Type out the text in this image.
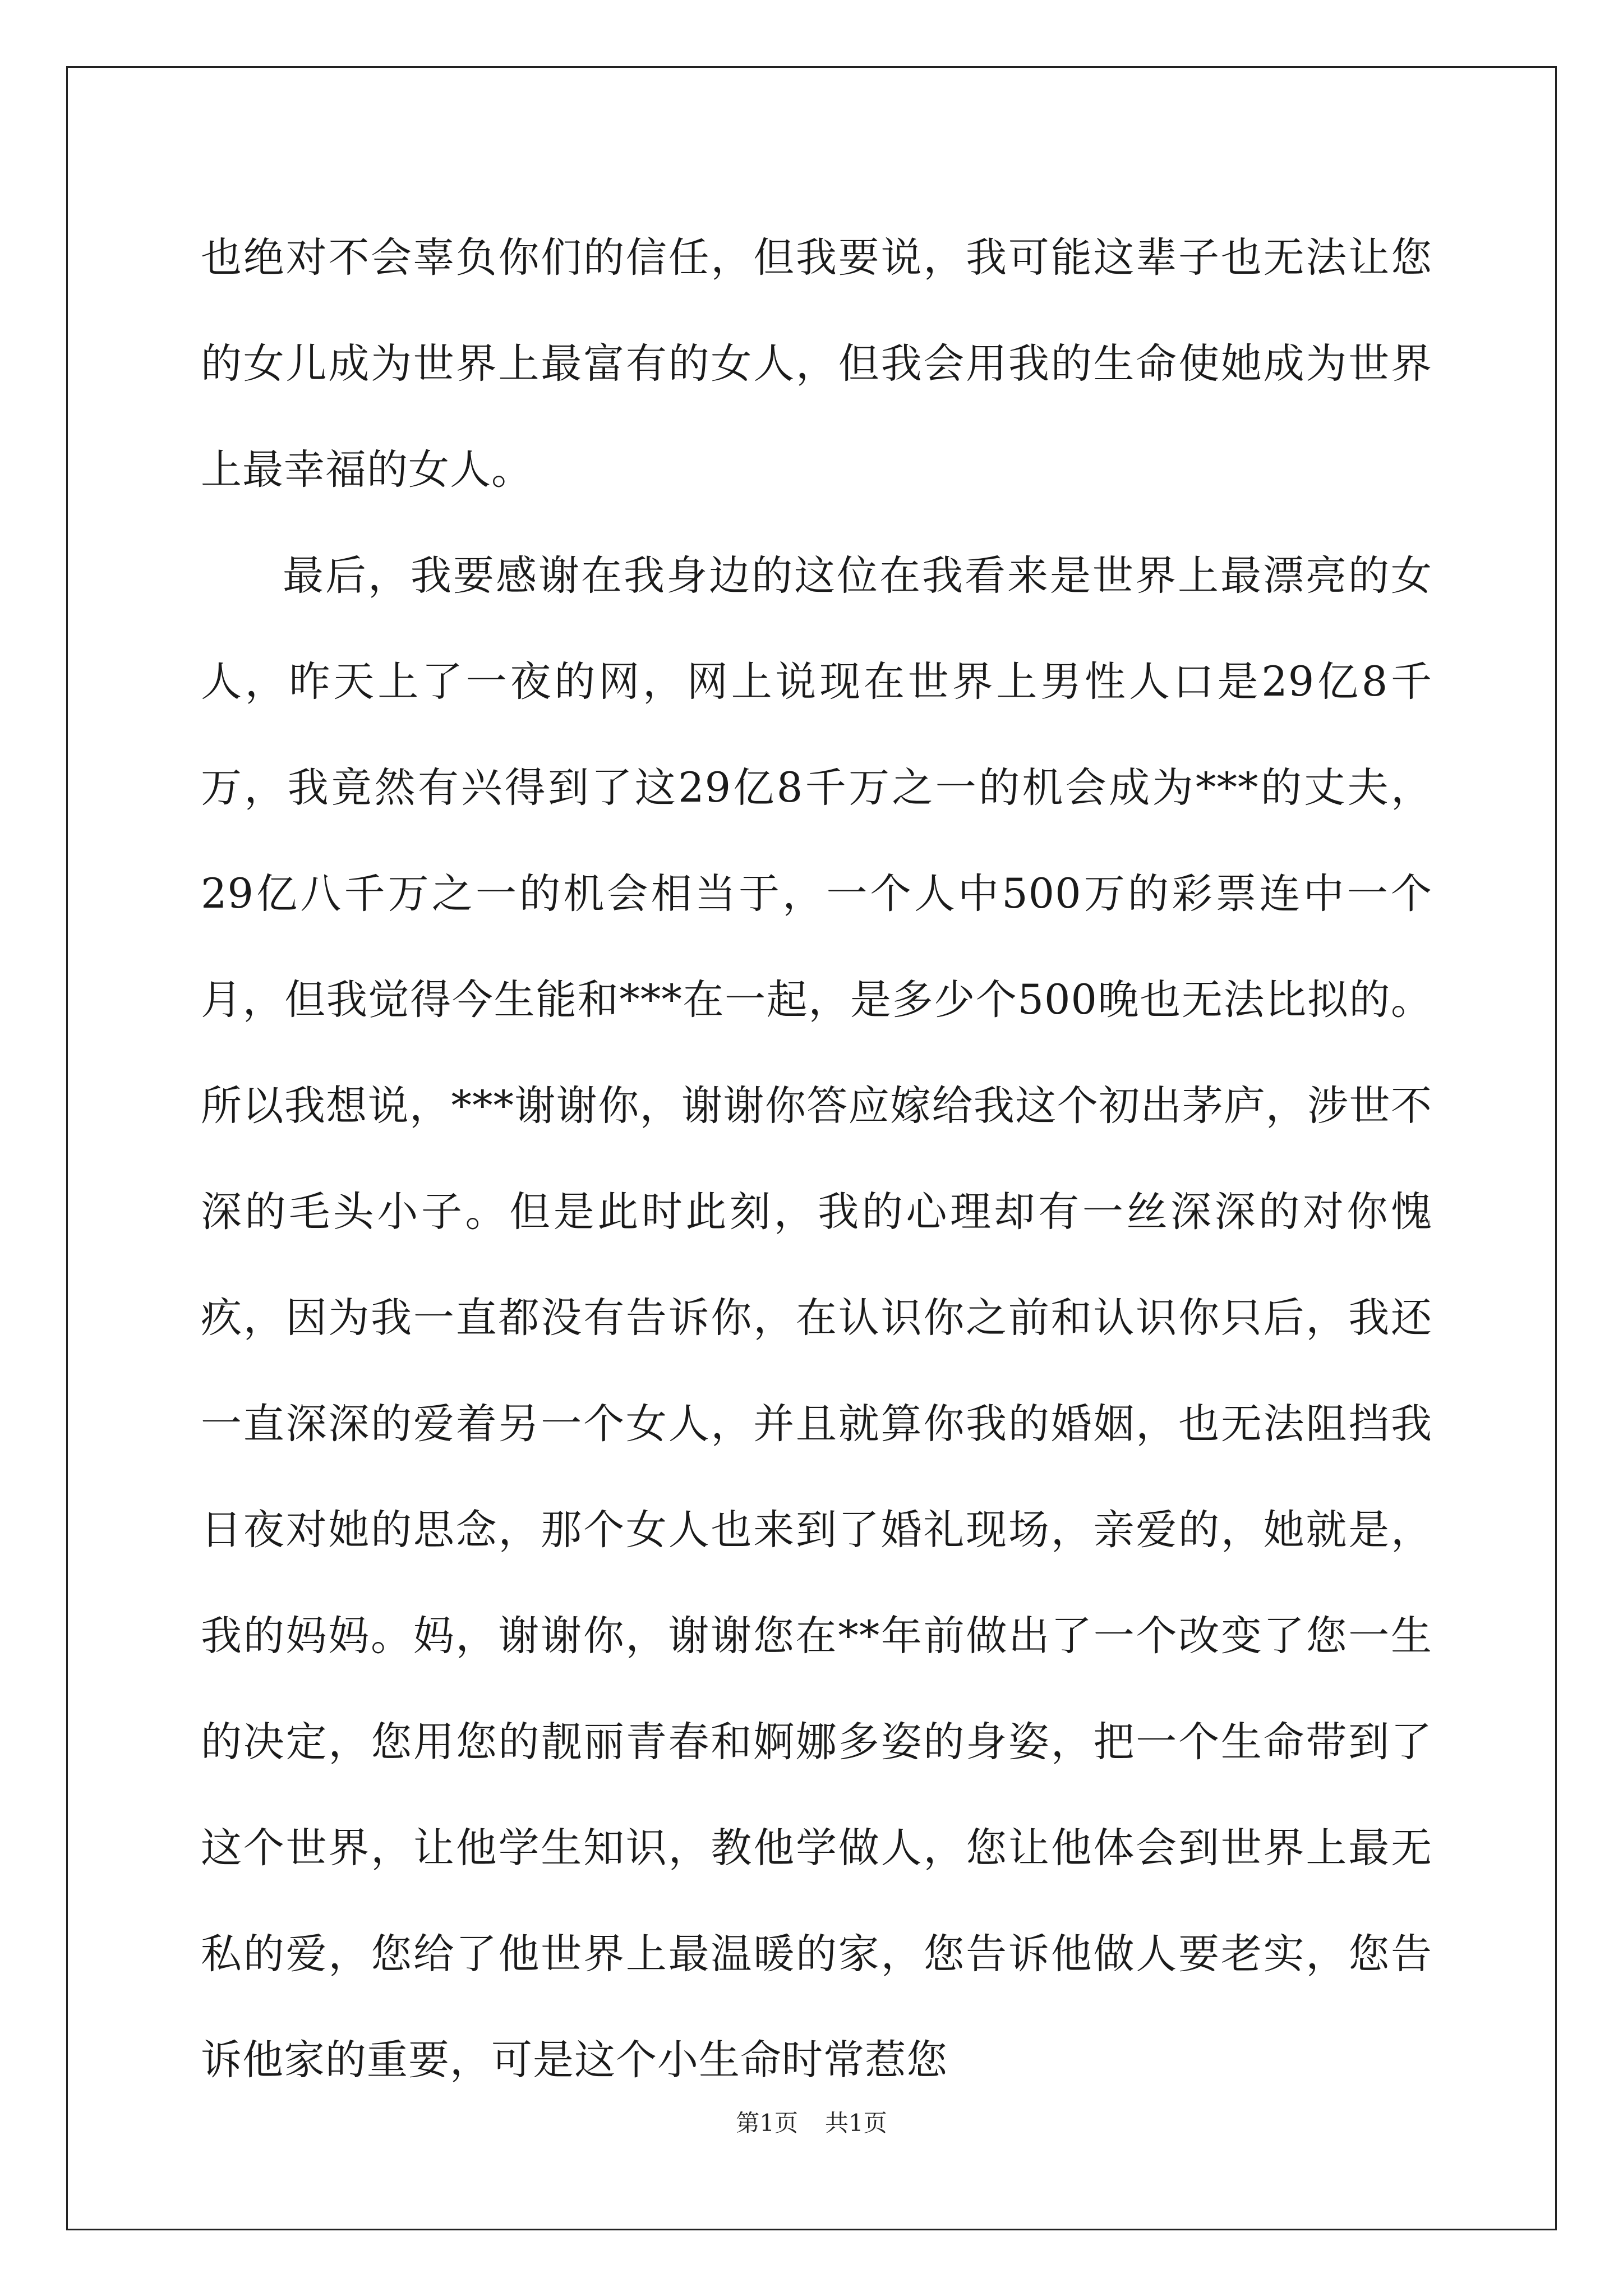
也绝对不会辜负你们的信任，但我要说，我可能这辈子也无法让您的女儿成为世界上最富有的女人，但我会用我的生命使她成为世界上最幸福的女人。

最后，我要感谢在我身边的这位在我看来是世界上最漂亮的女人，昨天上了一夜的网，网上说现在世界上男性人口是29亿8千万，我竟然有兴得到了这29亿8千万之一的机会成为***的丈夫，29亿八千万之一的机会相当于，一个人中500万的彩票连中一个月，但我觉得今生能和***在一起，是多少个500晚也无法比拟的。所以我想说，***谢谢你，谢谢你答应嫁给我这个初出茅庐，涉世不深的毛头小子。但是此时此刻，我的心理却有一丝深深的对你愧疚，因为我一直都没有告诉你，在认识你之前和认识你只后，我还一直深深的爱着另一个女人，并且就算你我的婚姻，也无法阻挡我日夜对她的思念，那个女人也来到了婚礼现场，亲爱的，她就是，我的妈妈。妈，谢谢你，谢谢您在**年前做出了一个改变了您一生的决定，您用您的靓丽青春和婀娜多姿的身姿，把一个生命带到了这个世界，让他学生知识，教他学做人，您让他体会到世界上最无私的爱，您给了他世界上最温暖的家，您告诉他做人要老实，您告诉他家的重要，可是这个小生命时常惹您

第1页 共1页
